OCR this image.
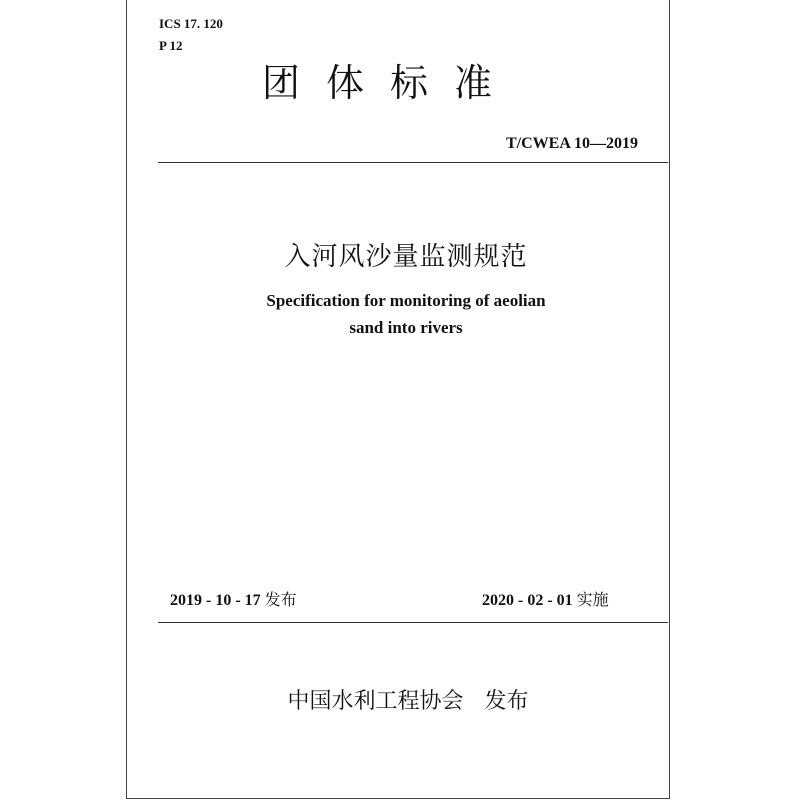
ICS 17. 120
P 12
团体标准
T/CWEA 10—2019
入河风沙量监测规范
Specification for monitoring of aeolian
sand into rivers
2019 - 10 - 17 发布	2020 - 02 - 01 实施
中国水利工程协会 发布
